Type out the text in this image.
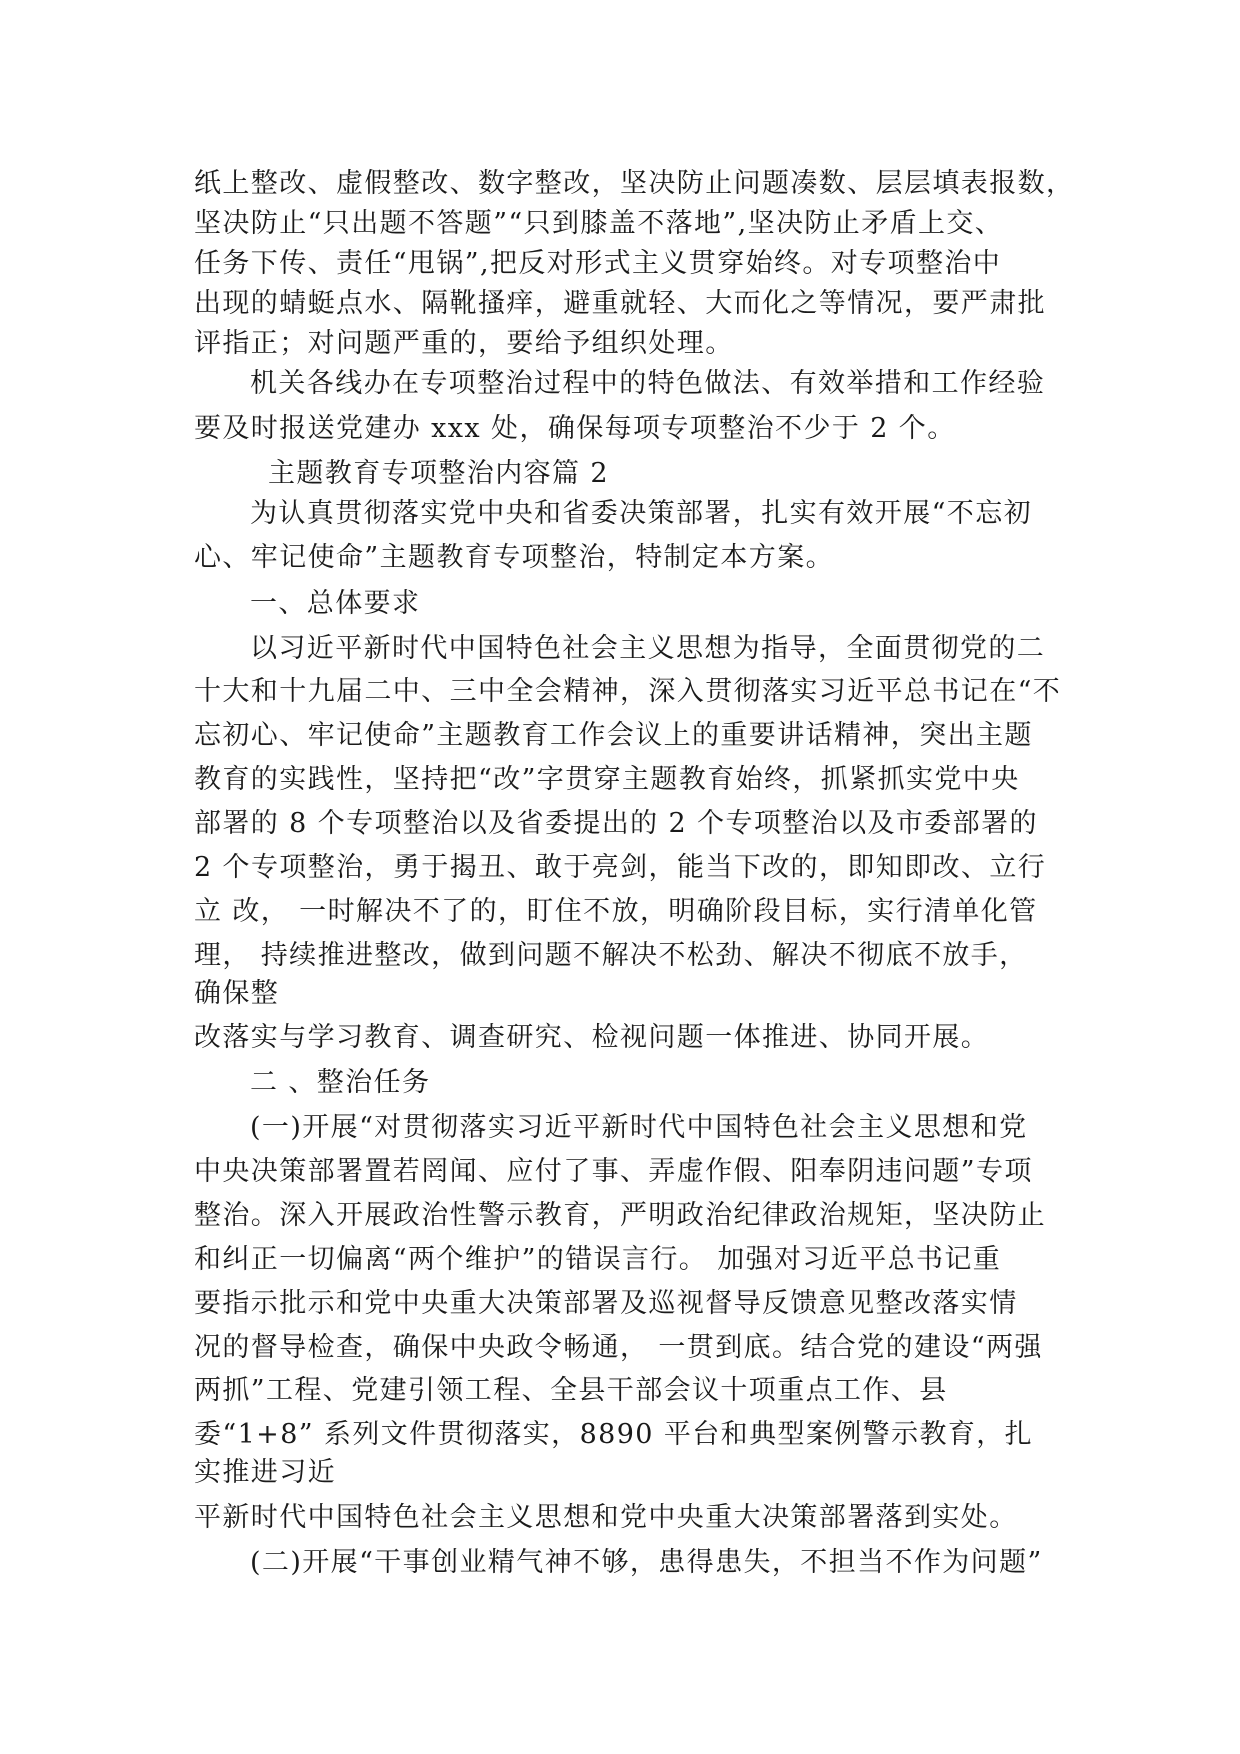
纸上整改、虚假整改、数字整改，坚决防止问题凑数、层层填表报数，

坚决防止“只出题不答题”“只到膝盖不落地”,坚决防止矛盾上交、

任务下传、责任“甩锅”,把反对形式主义贯穿始终。对专项整治中

出现的蜻蜓点水、隔靴搔痒，避重就轻、大而化之等情况，要严肃批

评指正；对问题严重的，要给予组织处理。

机关各线办在专项整治过程中的特色做法、有效举措和工作经验

要及时报送党建办 xxx 处，确保每项专项整治不少于 2 个。

主题教育专项整治内容篇 2

为认真贯彻落实党中央和省委决策部署，扎实有效开展“不忘初

心、牢记使命”主题教育专项整治，特制定本方案。

一、总体要求

以习近平新时代中国特色社会主义思想为指导，全面贯彻党的二

十大和十九届二中、三中全会精神，深入贯彻落实习近平总书记在“不

忘初心、牢记使命”主题教育工作会议上的重要讲话精神，突出主题

教育的实践性，坚持把“改”字贯穿主题教育始终，抓紧抓实党中央

部署的 8 个专项整治以及省委提出的 2 个专项整治以及市委部署的

2 个专项整治，勇于揭丑、敢于亮剑，能当下改的，即知即改、立行

立 改， 一时解决不了的，盯住不放，明确阶段目标，实行清单化管

理， 持续推进整改，做到问题不解决不松劲、解决不彻底不放手，

确保整

改落实与学习教育、调查研究、检视问题一体推进、协同开展。

二 、整治任务

(一)开展“对贯彻落实习近平新时代中国特色社会主义思想和党

中央决策部署置若罔闻、应付了事、弄虚作假、阳奉阴违问题”专项

整治。深入开展政治性警示教育，严明政治纪律政治规矩，坚决防止

和纠正一切偏离“两个维护”的错误言行。 加强对习近平总书记重

要指示批示和党中央重大决策部署及巡视督导反馈意见整改落实情

况的督导检查，确保中央政令畅通， 一贯到底。结合党的建设“两强

两抓”工程、党建引领工程、全县干部会议十项重点工作、县

委“1+8” 系列文件贯彻落实，8890 平台和典型案例警示教育，扎

实推进习近

平新时代中国特色社会主义思想和党中央重大决策部署落到实处。

(二)开展“干事创业精气神不够，患得患失，不担当不作为问题”
